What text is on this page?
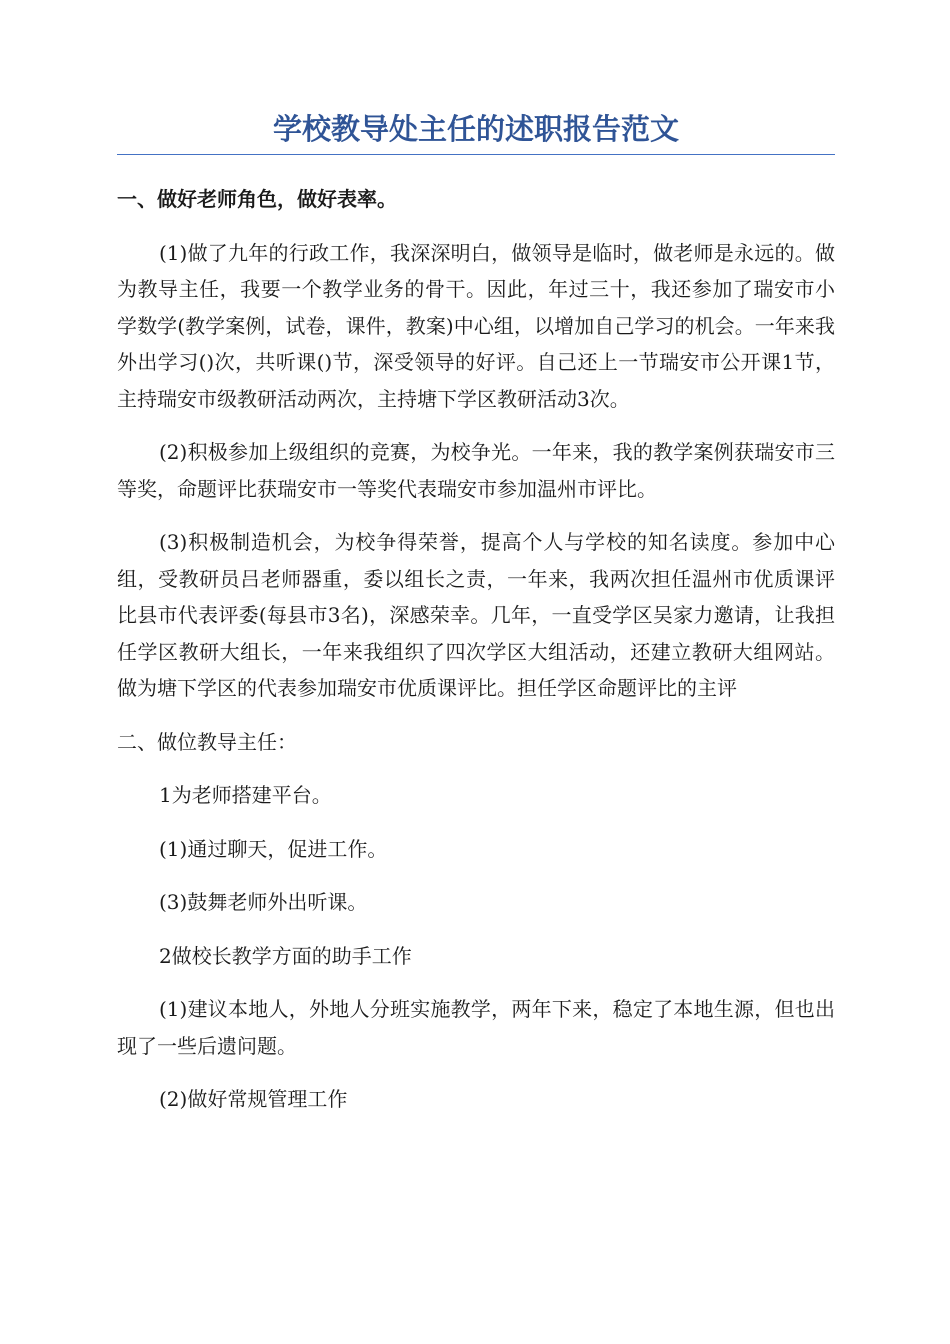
学校教导处主任的述职报告范文

一、做好老师角色，做好表率。

(1)做了九年的行政工作，我深深明白，做领导是临时，做老师是永远的。做为教导主任，我要一个教学业务的骨干。因此，年过三十，我还参加了瑞安市小学数学(教学案例，试卷，课件，教案)中心组，以增加自己学习的机会。一年来我外出学习()次，共听课()节，深受领导的好评。自己还上一节瑞安市公开课1节，主持瑞安市级教研活动两次，主持塘下学区教研活动3次。

(2)积极参加上级组织的竞赛，为校争光。一年来，我的教学案例获瑞安市三等奖，命题评比获瑞安市一等奖代表瑞安市参加温州市评比。

(3)积极制造机会，为校争得荣誉，提高个人与学校的知名读度。参加中心组，受教研员吕老师器重，委以组长之责，一年来，我两次担任温州市优质课评比县市代表评委(每县市3名)，深感荣幸。几年，一直受学区吴家力邀请，让我担任学区教研大组长，一年来我组织了四次学区大组活动，还建立教研大组网站。做为塘下学区的代表参加瑞安市优质课评比。担任学区命题评比的主评

二、做位教导主任：

1为老师搭建平台。

(1)通过聊天，促进工作。

(3)鼓舞老师外出听课。

2做校长教学方面的助手工作

(1)建议本地人，外地人分班实施教学，两年下来，稳定了本地生源，但也出现了一些后遗问题。

(2)做好常规管理工作
